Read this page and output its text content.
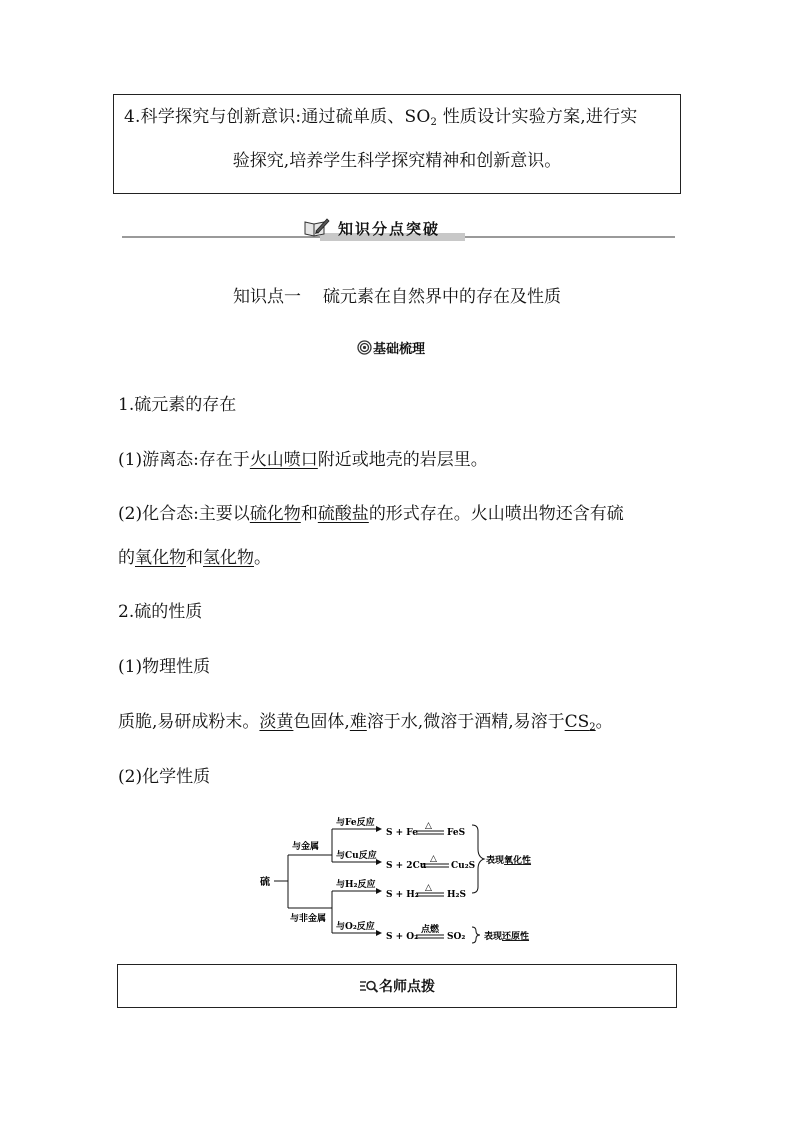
4.科学探究与创新意识:通过硫单质、$SO_2$ 性质设计实验方案,进行实
验探究,培养学生科学探究精神和创新意识。
知识分点突破
知识点一 硫元素在自然界中的存在及性质
基础梳理
1.硫元素的存在
(1)游离态:存在于火山喷口附近或地壳的岩层里。
(2)化合态:主要以硫化物和硫酸盐的形式存在。火山喷出物还含有硫
的氧化物和氢化物。
2.硫的性质
(1)物理性质
质脆,易研成粉末。淡黄色固体,难溶于水,微溶于酒精,易溶于$CS_2$。
(2)化学性质
硫
与金属
与非金属
与Fe反应
与Cu反应
与H₂反应
与O₂反应
S + Fe
△
FeS
S + 2Cu
△
Cu₂S
S + H₂
△
H₂S
S + O₂
点燃
SO₂
表现氧化性
表现还原性
名师点拨
